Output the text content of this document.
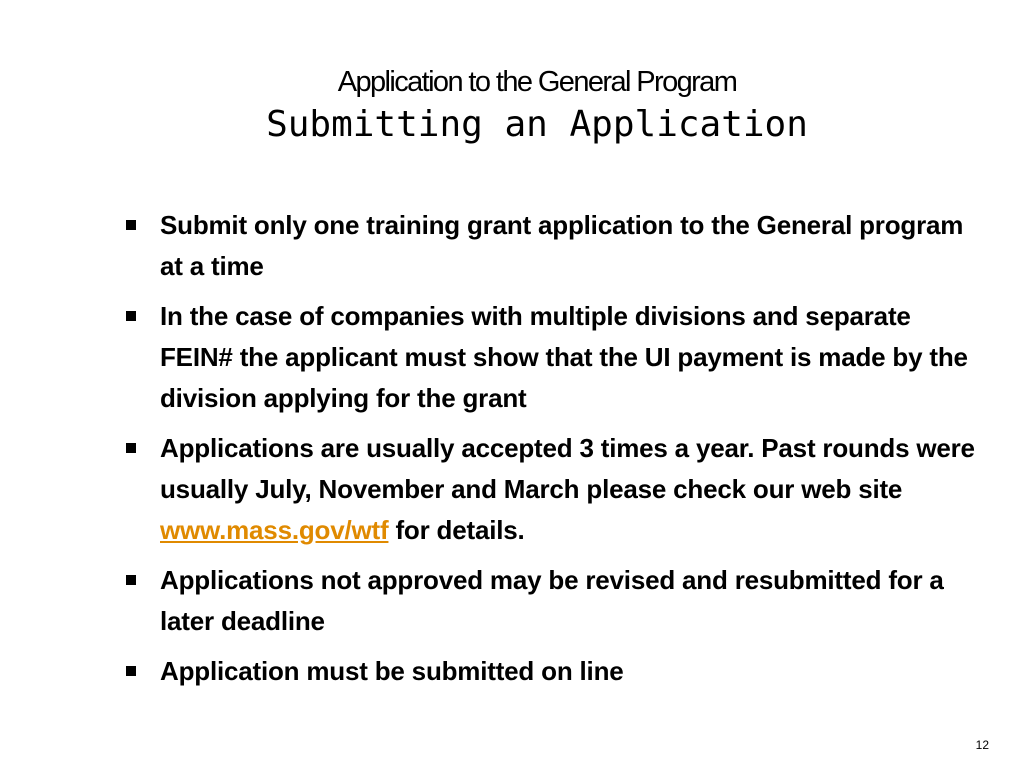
Application to the General Program
Submitting an Application
Submit only one training grant application to the General program at a time
In the case of companies with multiple divisions and separate FEIN# the applicant must show that the UI payment is made by the division applying for the grant
Applications are usually accepted 3 times a year. Past rounds were usually July, November and March please check our web site www.mass.gov/wtf for details.
Applications not approved may be revised and resubmitted for a later deadline
Application must be submitted on line
12
